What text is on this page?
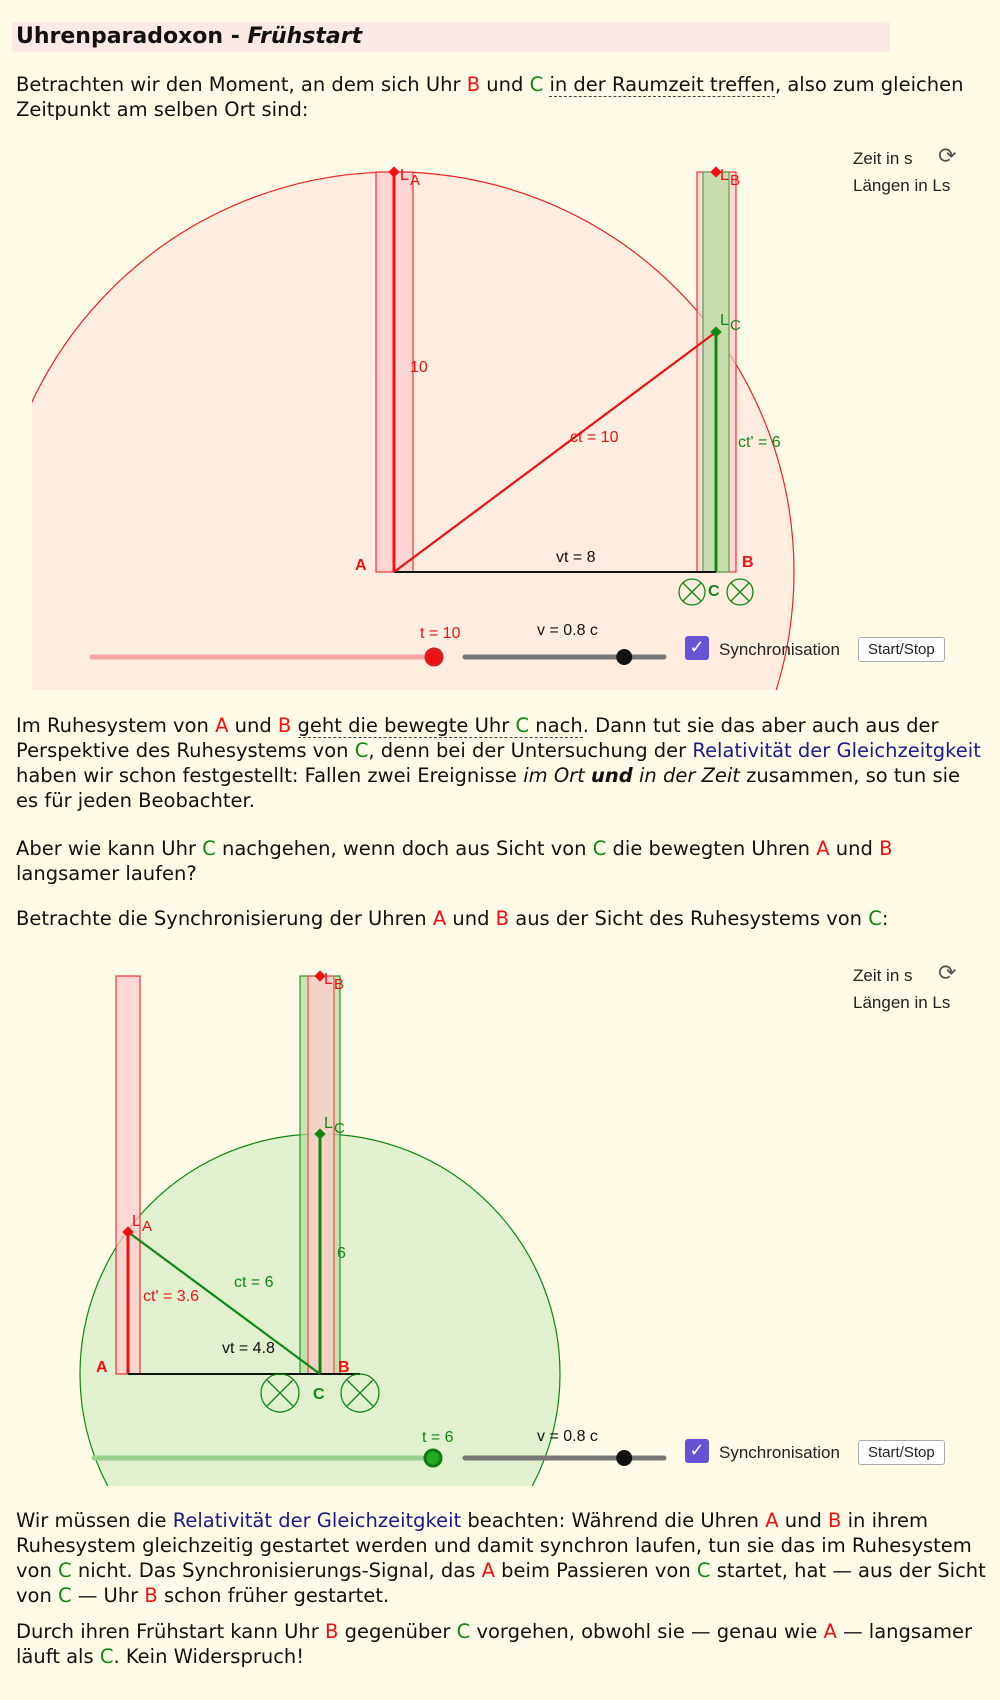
Uhrenparadoxon - Frühstart
Betrachten wir den Moment, an dem sich Uhr B und C in der Raumzeit treffen, also zum gleichen Zeitpunkt am selben Ort sind:
L A	L B
L C
10
ct = 10	ct' = 6
vt = 8
A	B
C
t = 10	v = 0.8 c
Zeit in s
Längen in Ls
⟳
✓ Synchronisation	Start/Stop
Im Ruhesystem von A und B geht die bewegte Uhr C nach. Dann tut sie das aber auch aus der Perspektive des Ruhesystems von C, denn bei der Untersuchung der Relativität der Gleichzeitgkeit haben wir schon festgestellt: Fallen zwei Ereignisse im Ort und in der Zeit zusammen, so tun sie es für jeden Beobachter.
Aber wie kann Uhr C nachgehen, wenn doch aus Sicht von C die bewegten Uhren A und B langsamer laufen?
Betrachte die Synchronisierung der Uhren A und B aus der Sicht des Ruhesystems von C:
L A
L B
L C
6
ct = 6
ct' = 3.6
vt = 4.8
A	B
C
t = 6	v = 0.8 c
Zeit in s
Längen in Ls
⟳
✓ Synchronisation	Start/Stop
Wir müssen die Relativität der Gleichzeitgkeit beachten: Während die Uhren A und B in ihrem Ruhesystem gleichzeitig gestartet werden und damit synchron laufen, tun sie das im Ruhesystem von C nicht. Das Synchronisierungs-Signal, das A beim Passieren von C startet, hat — aus der Sicht von C — Uhr B schon früher gestartet.
Durch ihren Frühstart kann Uhr B gegenüber C vorgehen, obwohl sie — genau wie A — langsamer läuft als C. Kein Widerspruch!
